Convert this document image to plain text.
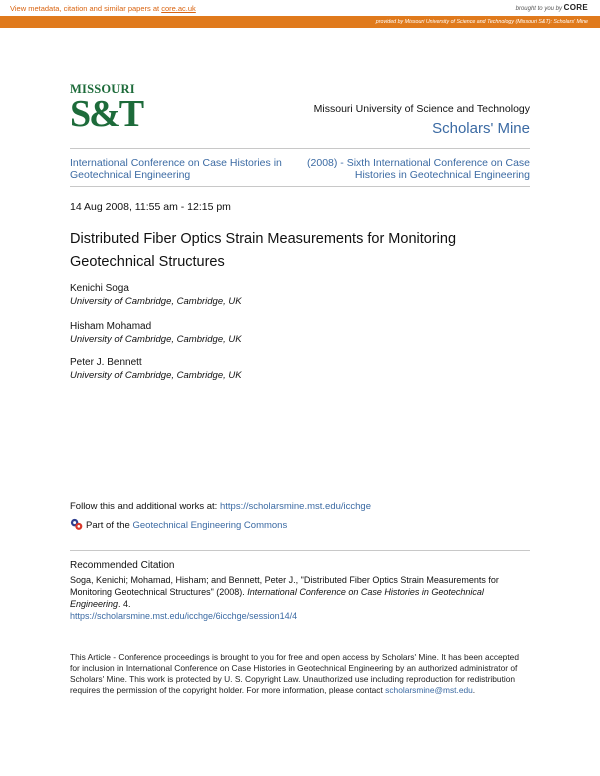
View metadata, citation and similar papers at core.ac.uk	brought to you by CORE
provided by Missouri University of Science and Technology (Missouri S&T): Scholars' Mine
MISSOURI
S&T	Missouri University of Science and Technology
Scholars' Mine
International Conference on Case Histories in Geotechnical Engineering
(2008) - Sixth International Conference on Case Histories in Geotechnical Engineering
14 Aug 2008, 11:55 am - 12:15 pm
Distributed Fiber Optics Strain Measurements for Monitoring Geotechnical Structures
Kenichi Soga
University of Cambridge, Cambridge, UK
Hisham Mohamad
University of Cambridge, Cambridge, UK
Peter J. Bennett
University of Cambridge, Cambridge, UK
Follow this and additional works at: https://scholarsmine.mst.edu/icchge
Part of the Geotechnical Engineering Commons
Recommended Citation
Soga, Kenichi; Mohamad, Hisham; and Bennett, Peter J., "Distributed Fiber Optics Strain Measurements for Monitoring Geotechnical Structures" (2008). International Conference on Case Histories in Geotechnical Engineering. 4.
https://scholarsmine.mst.edu/icchge/6icchge/session14/4
This Article - Conference proceedings is brought to you for free and open access by Scholars' Mine. It has been accepted for inclusion in International Conference on Case Histories in Geotechnical Engineering by an authorized administrator of Scholars' Mine. This work is protected by U. S. Copyright Law. Unauthorized use including reproduction for redistribution requires the permission of the copyright holder. For more information, please contact scholarsmine@mst.edu.
